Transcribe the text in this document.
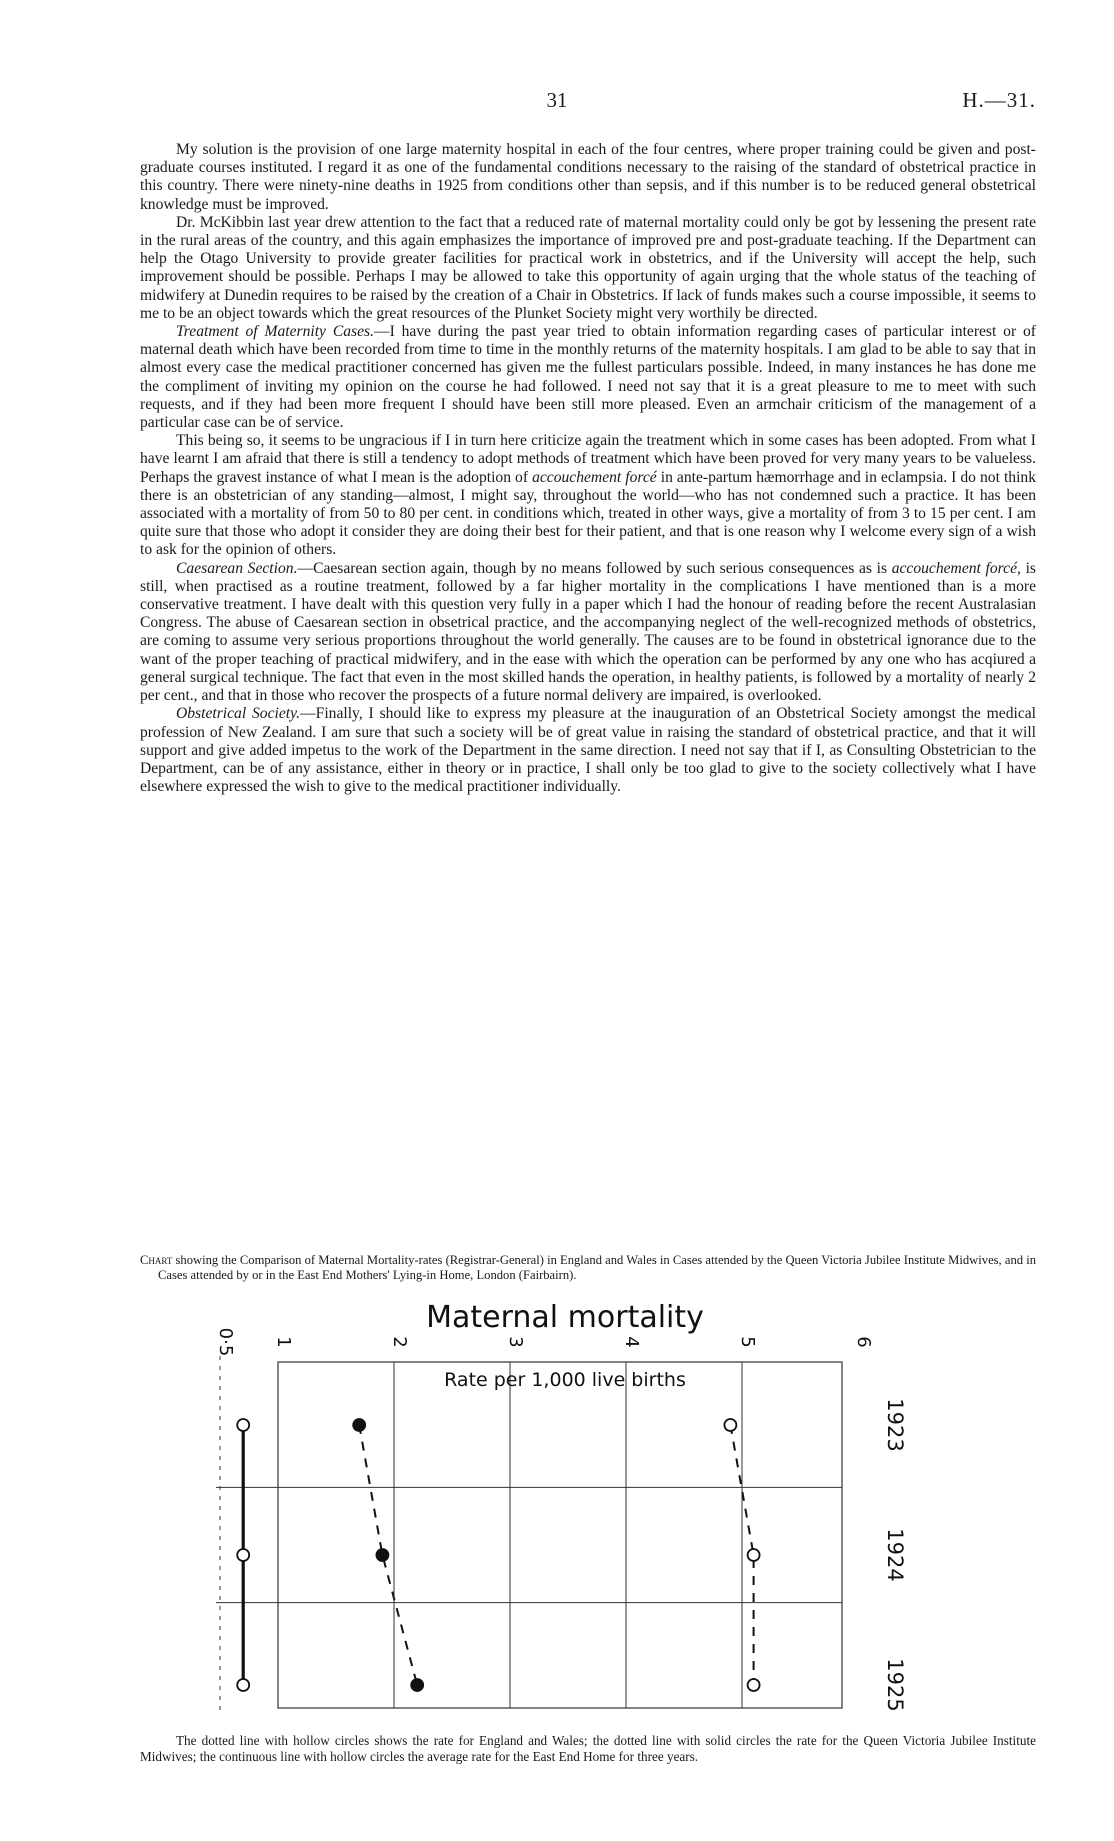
31	H.—31.

My solution is the provision of one large maternity hospital in each of the four centres, where proper training could be given and post-graduate courses instituted. I regard it as one of the fundamental conditions necessary to the raising of the standard of obstetrical practice in this country. There were ninety-nine deaths in 1925 from conditions other than sepsis, and if this number is to be reduced general obstetrical knowledge must be improved.

Dr. McKibbin last year drew attention to the fact that a reduced rate of maternal mortality could only be got by lessening the present rate in the rural areas of the country, and this again emphasizes the importance of improved pre and post-graduate teaching. If the Department can help the Otago University to provide greater facilities for practical work in obstetrics, and if the University will accept the help, such improvement should be possible. Perhaps I may be allowed to take this opportunity of again urging that the whole status of the teaching of midwifery at Dunedin requires to be raised by the creation of a Chair in Obstetrics. If lack of funds makes such a course impossible, it seems to me to be an object towards which the great resources of the Plunket Society might very worthily be directed.

Treatment of Maternity Cases.—I have during the past year tried to obtain information regarding cases of particular interest or of maternal death which have been recorded from time to time in the monthly returns of the maternity hospitals. I am glad to be able to say that in almost every case the medical practitioner concerned has given me the fullest particulars possible. Indeed, in many instances he has done me the compliment of inviting my opinion on the course he had followed. I need not say that it is a great pleasure to me to meet with such requests, and if they had been more frequent I should have been still more pleased. Even an armchair criticism of the management of a particular case can be of service.

This being so, it seems to be ungracious if I in turn here criticize again the treatment which in some cases has been adopted. From what I have learnt I am afraid that there is still a tendency to adopt methods of treatment which have been proved for very many years to be valueless. Perhaps the gravest instance of what I mean is the adoption of accouchement forcé in ante-partum hæmorrhage and in eclampsia. I do not think there is an obstetrician of any standing—almost, I might say, throughout the world—who has not condemned such a practice. It has been associated with a mortality of from 50 to 80 per cent. in conditions which, treated in other ways, give a mortality of from 3 to 15 per cent. I am quite sure that those who adopt it consider they are doing their best for their patient, and that is one reason why I welcome every sign of a wish to ask for the opinion of others.

Caesarean Section.—Caesarean section again, though by no means followed by such serious consequences as is accouchement forcé, is still, when practised as a routine treatment, followed by a far higher mortality in the complications I have mentioned than is a more conservative treatment. I have dealt with this question very fully in a paper which I had the honour of reading before the recent Australasian Congress. The abuse of Caesarean section in obsetrical practice, and the accompanying neglect of the well-recognized methods of obstetrics, are coming to assume very serious proportions throughout the world generally. The causes are to be found in obstetrical ignorance due to the want of the proper teaching of practical midwifery, and in the ease with which the operation can be performed by any one who has acqiured a general surgical technique. The fact that even in the most skilled hands the operation, in healthy patients, is followed by a mortality of nearly 2 per cent., and that in those who recover the prospects of a future normal delivery are impaired, is overlooked.

Obstetrical Society.—Finally, I should like to express my pleasure at the inauguration of an Obstetrical Society amongst the medical profession of New Zealand. I am sure that such a society will be of great value in raising the standard of obstetrical practice, and that it will support and give added impetus to the work of the Department in the same direction. I need not say that if I, as Consulting Obstetrician to the Department, can be of any assistance, either in theory or in practice, I shall only be too glad to give to the society collectively what I have elsewhere expressed the wish to give to the medical practitioner individually.

Chart showing the Comparison of Maternal Mortality-rates (Registrar-General) in England and Wales in Cases attended by the Queen Victoria Jubilee Institute Midwives, and in Cases attended by or in the East End Mothers' Lying-in Home, London (Fairbairn).
Maternal mortality
0·5 1	2	3	4	5	6
Rate per 1,000 live births
1923
1924
1925
The dotted line with hollow circles shows the rate for England and Wales; the dotted line with solid circles the rate for the Queen Victoria Jubilee Institute Midwives; the continuous line with hollow circles the average rate for the East End Home for three years.
